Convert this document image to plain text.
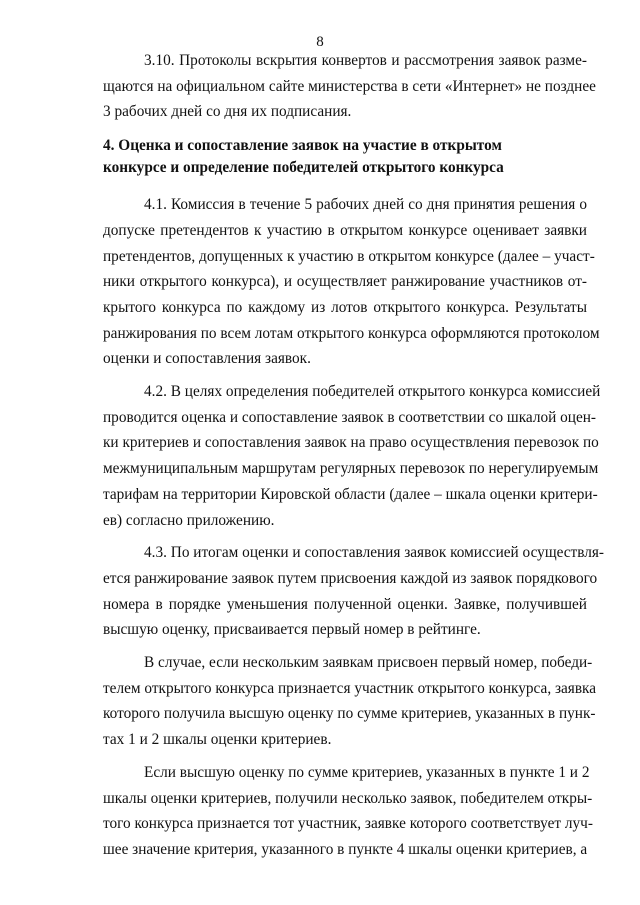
8

3.10. Протоколы вскрытия конвертов и рассмотрения заявок разме-
щаются на официальном сайте министерства в сети «Интернет» не позднее
3 рабочих дней со дня их подписания.

4. Оценка и сопоставление заявок на участие в открытом
конкурсе и определение победителей открытого конкурса

4.1. Комиссия в течение 5 рабочих дней со дня принятия решения о
допуске претендентов к участию в открытом конкурсе оценивает заявки
претендентов, допущенных к участию в открытом конкурсе (далее – участ-
ники открытого конкурса), и осуществляет ранжирование участников от-
крытого конкурса по каждому из лотов открытого конкурса. Результаты
ранжирования по всем лотам открытого конкурса оформляются протоколом
оценки и сопоставления заявок.

4.2. В целях определения победителей открытого конкурса комиссией
проводится оценка и сопоставление заявок в соответствии со шкалой оцен-
ки критериев и сопоставления заявок на право осуществления перевозок по
межмуниципальным маршрутам регулярных перевозок по нерегулируемым
тарифам на территории Кировской области (далее – шкала оценки критери-
ев) согласно приложению.

4.3. По итогам оценки и сопоставления заявок комиссией осуществля-
ется ранжирование заявок путем присвоения каждой из заявок порядкового
номера в порядке уменьшения полученной оценки. Заявке, получившей
высшую оценку, присваивается первый номер в рейтинге.

В случае, если нескольким заявкам присвоен первый номер, победи-
телем открытого конкурса признается участник открытого конкурса, заявка
которого получила высшую оценку по сумме критериев, указанных в пунк-
тах 1 и 2 шкалы оценки критериев.

Если высшую оценку по сумме критериев, указанных в пункте 1 и 2
шкалы оценки критериев, получили несколько заявок, победителем откры-
того конкурса признается тот участник, заявке которого соответствует луч-
шее значение критерия, указанного в пункте 4 шкалы оценки критериев, а
